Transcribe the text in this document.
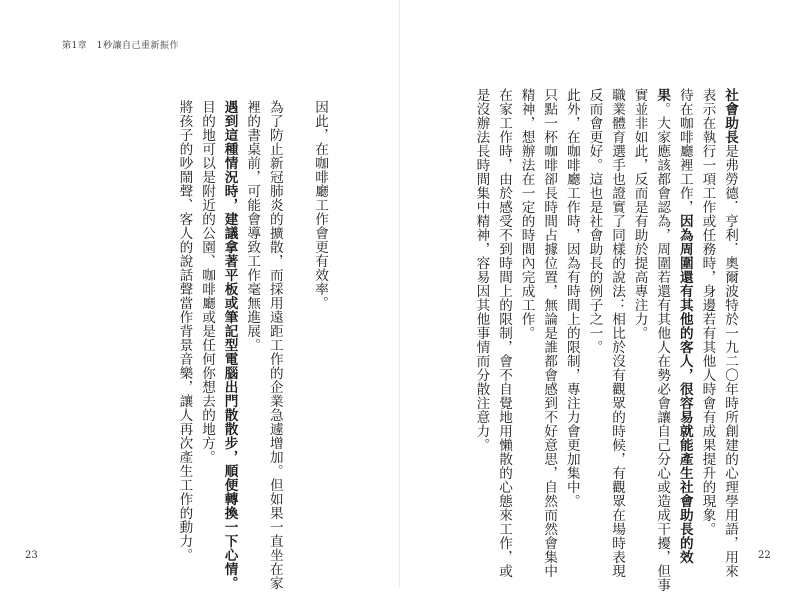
第1章　1秒讓自己重新振作
社會助長是弗勞德．亨利．奧爾波特於一九二〇年時所創建的心理學用語，用來
表示在執行一項工作或任務時，身邊若有其他人時會有成果提升的現象。
待在咖啡廳裡工作，因為周圍還有其他的客人，很容易就能產生社會助長的效
果。大家應該都會認為，周圍若還有其他人在勢必會讓自己分心或造成干擾，但事
實並非如此，反而是有助於提高專注力。
職業體育選手也證實了同樣的說法：相比於沒有觀眾的時候，有觀眾在場時表現
反而會更好。這也是社會助長的例子之一。
此外，在咖啡廳工作時，因為有時間上的限制，專注力會更加集中。
只點一杯咖啡卻長時間占據位置，無論是誰都會感到不好意思，自然而然會集中
精神，想辦法在一定的時間內完成工作。
在家工作時，由於感受不到時間上的限制，會不自覺地用懶散的心態來工作，或
是沒辦法長時間集中精神，容易因其他事情而分散注意力。
因此，在咖啡廳工作會更有效率。
為了防止新冠肺炎的擴散，而採用遠距工作的企業急遽增加。但如果一直坐在家
裡的書桌前，可能會導致工作毫無進展。
遇到這種情況時，建議拿著平板或筆記型電腦出門散散步，順便轉換一下心情。
目的地可以是附近的公園、咖啡廳或是任何你想去的地方。
將孩子的吵鬧聲、客人的說話聲當作背景音樂，讓人再次產生工作的動力。
23	22
